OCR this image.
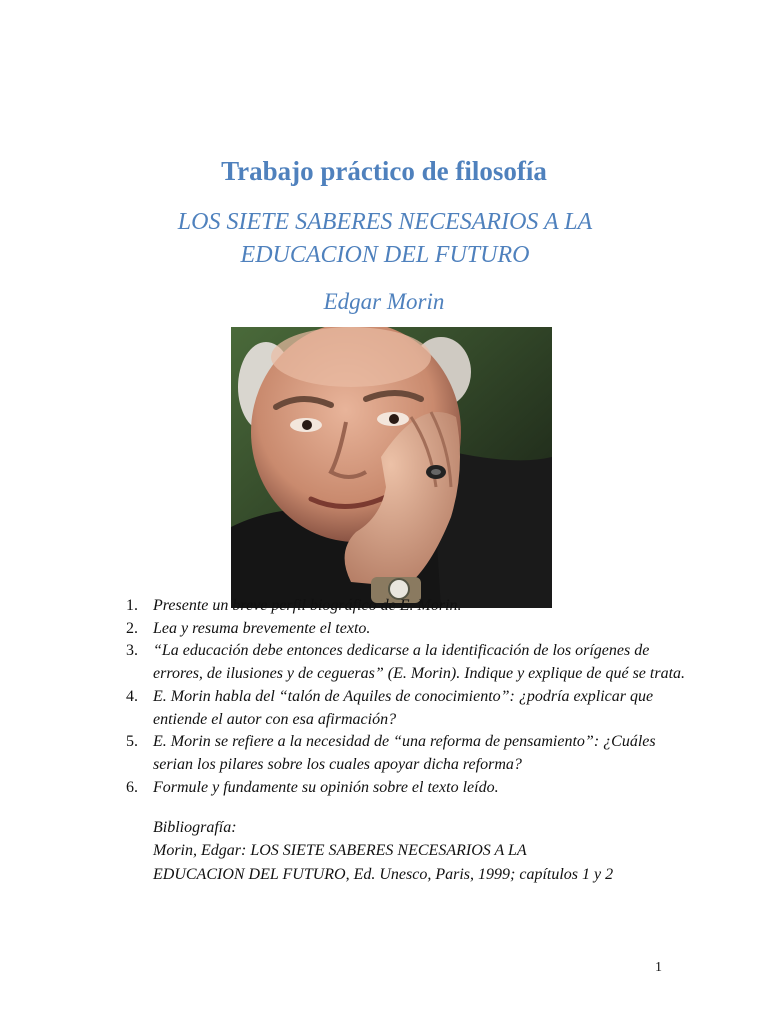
Trabajo práctico de filosofía
LOS SIETE SABERES NECESARIOS A LA
EDUCACION DEL FUTURO
Edgar Morin
1. Presente un breve perfil biográfico de E. Morin.
2. Lea y resuma brevemente el texto.
3. “La educación debe entonces dedicarse a la identificación de los orígenes de errores, de ilusiones y de cegueras” (E. Morin). Indique y explique de qué se trata.
4. E. Morin habla del “talón de Aquiles de conocimiento”: ¿podría explicar que entiende el autor con esa afirmación?
5. E. Morin se refiere a la necesidad de “una reforma de pensamiento”: ¿Cuáles serian los pilares sobre los cuales apoyar dicha reforma?
6. Formule y fundamente su opinión sobre el texto leído.
Bibliografía:
Morin, Edgar: LOS SIETE SABERES NECESARIOS A LA
EDUCACION DEL FUTURO, Ed. Unesco, Paris, 1999; capítulos 1 y 2
1
